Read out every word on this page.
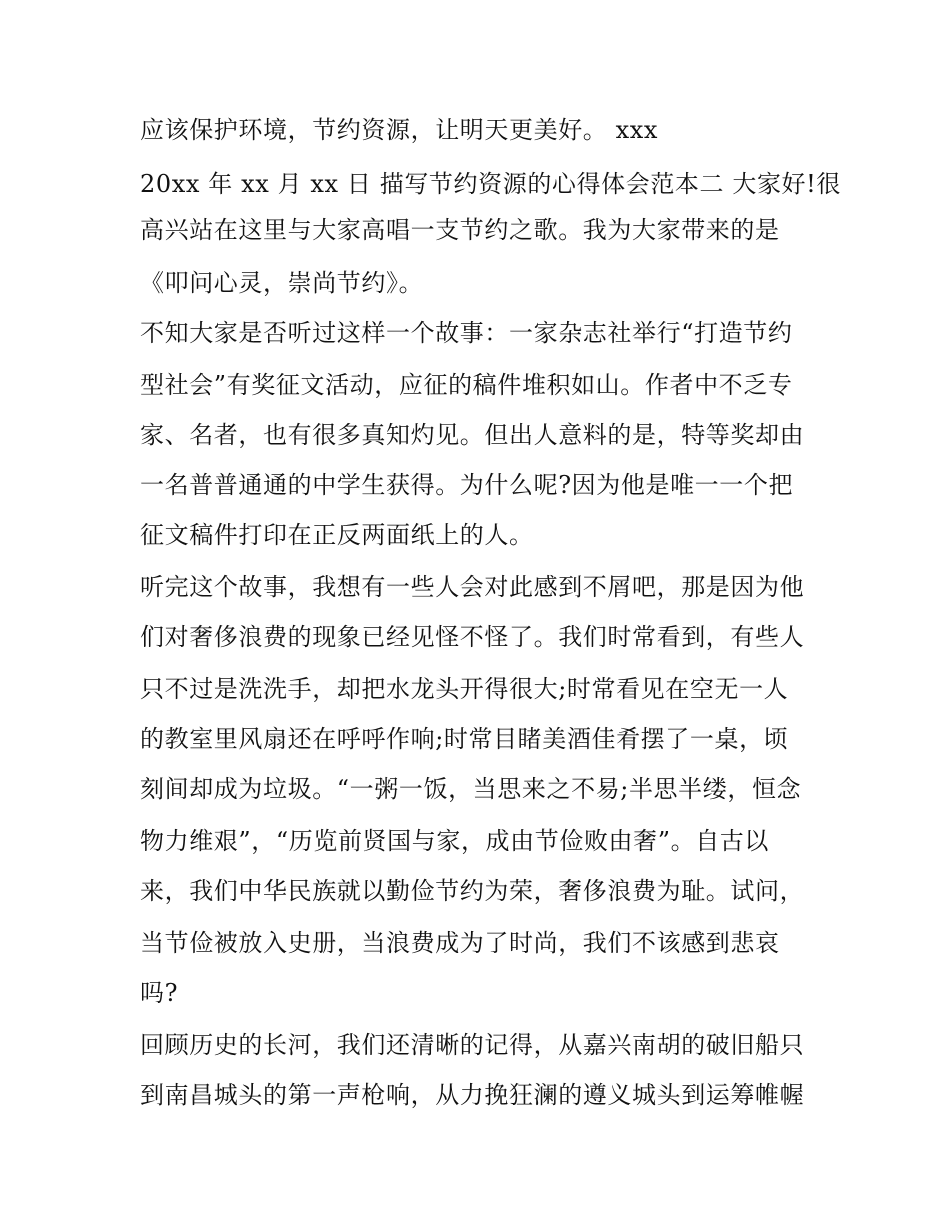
应该保护环境，节约资源，让明天更美好。 xxx
20xx 年 xx 月 xx 日 描写节约资源的心得体会范本二 大家好!很
高兴站在这里与大家高唱一支节约之歌。我为大家带来的是
《叩问心灵，崇尚节约》。
不知大家是否听过这样一个故事：一家杂志社举行“打造节约
型社会”有奖征文活动，应征的稿件堆积如山。作者中不乏专
家、名者，也有很多真知灼见。但出人意料的是，特等奖却由
一名普普通通的中学生获得。为什么呢?因为他是唯一一个把
征文稿件打印在正反两面纸上的人。
听完这个故事，我想有一些人会对此感到不屑吧，那是因为他
们对奢侈浪费的现象已经见怪不怪了。我们时常看到，有些人
只不过是洗洗手，却把水龙头开得很大;时常看见在空无一人
的教室里风扇还在呼呼作响;时常目睹美酒佳肴摆了一桌，顷
刻间却成为垃圾。“一粥一饭，当思来之不易;半思半缕，恒念
物力维艰”，“历览前贤国与家，成由节俭败由奢”。自古以
来，我们中华民族就以勤俭节约为荣，奢侈浪费为耻。试问，
当节俭被放入史册，当浪费成为了时尚，我们不该感到悲哀
吗?
回顾历史的长河，我们还清晰的记得，从嘉兴南胡的破旧船只
到南昌城头的第一声枪响，从力挽狂澜的遵义城头到运筹帷幄
